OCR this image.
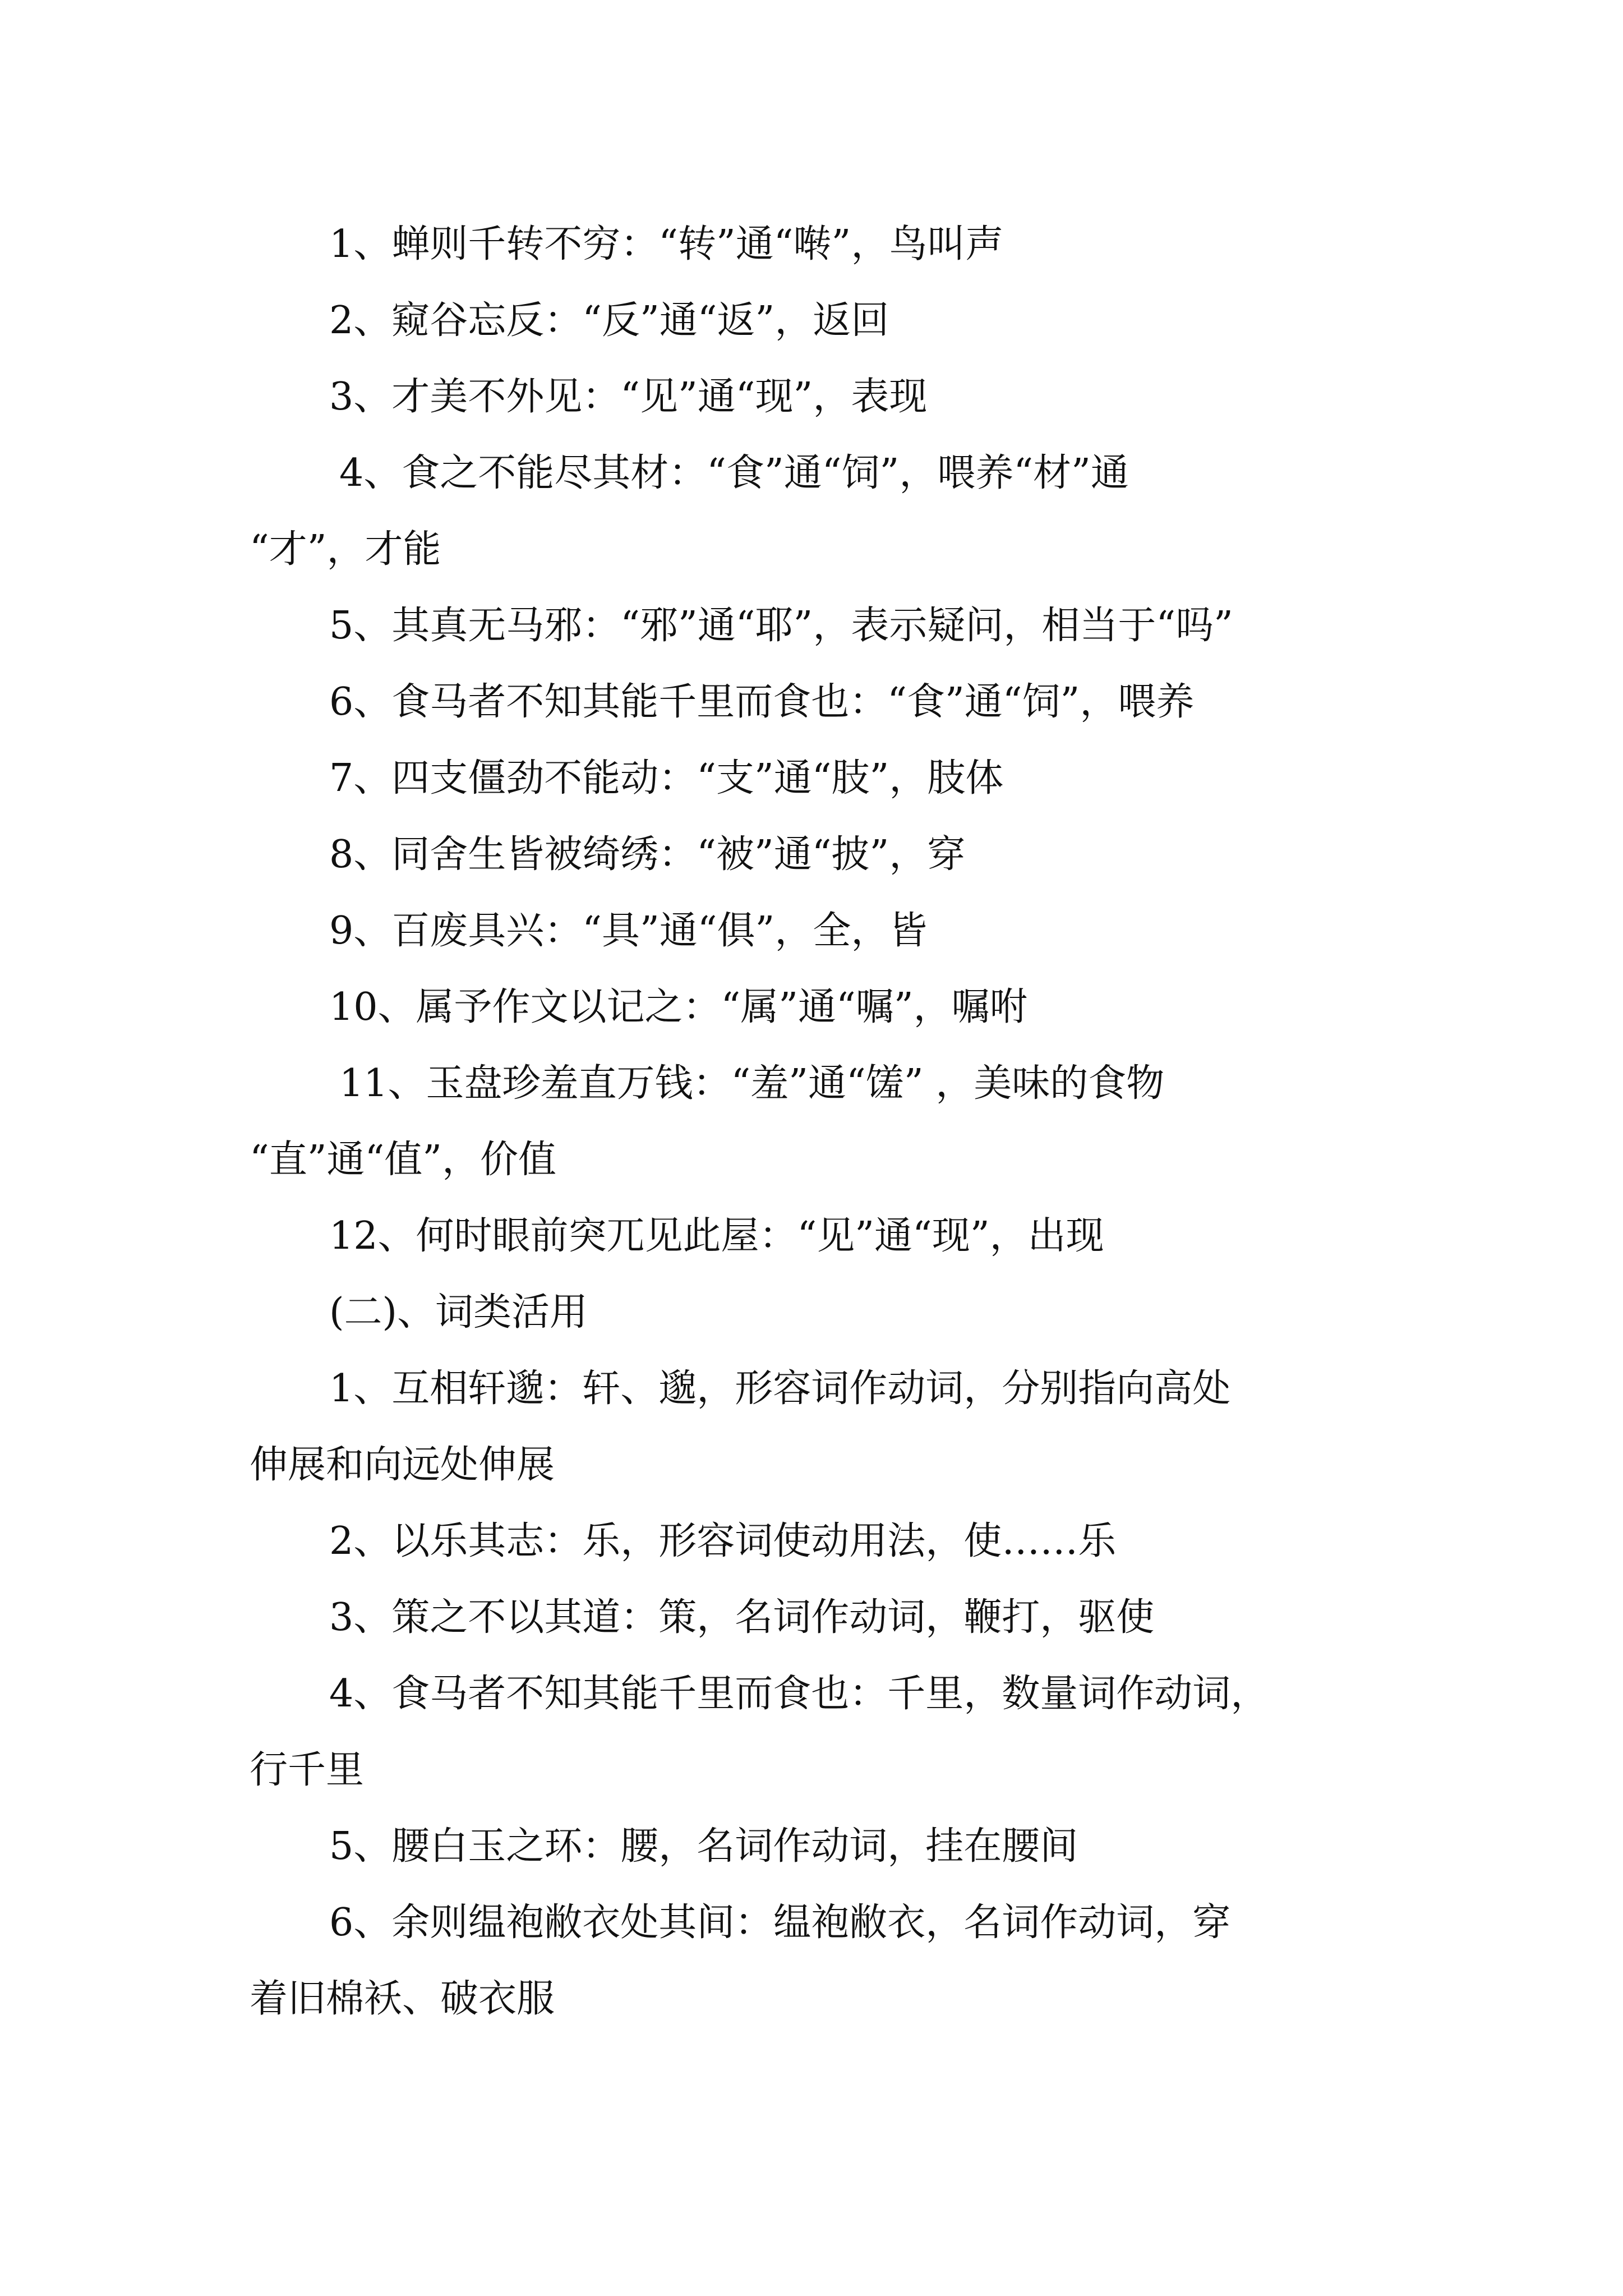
1、蝉则千转不穷：“转”通“啭”，鸟叫声
2、窥谷忘反：“反”通“返”，返回
3、才美不外见：“见”通“现”，表现
4、食之不能尽其材：“食”通“饲”，喂养“材”通
“才”，才能
5、其真无马邪：“邪”通“耶”，表示疑问，相当于“吗”
6、食马者不知其能千里而食也：“食”通“饲”，喂养
7、四支僵劲不能动：“支”通“肢”，肢体
8、同舍生皆被绮绣：“被”通“披”，穿
9、百废具兴：“具”通“俱”，全，皆
10、属予作文以记之：“属”通“嘱”，嘱咐
11、玉盘珍羞直万钱：“羞”通“馐” ，美味的食物
“直”通“值”，价值
12、何时眼前突兀见此屋：“见”通“现”，出现
(二)、词类活用
1、互相轩邈：轩、邈，形容词作动词，分别指向高处
伸展和向远处伸展
2、以乐其志：乐，形容词使动用法，使……乐
3、策之不以其道：策，名词作动词，鞭打，驱使
4、食马者不知其能千里而食也：千里，数量词作动词，
行千里
5、腰白玉之环：腰，名词作动词，挂在腰间
6、余则缊袍敝衣处其间：缊袍敝衣，名词作动词，穿
着旧棉袄、破衣服
